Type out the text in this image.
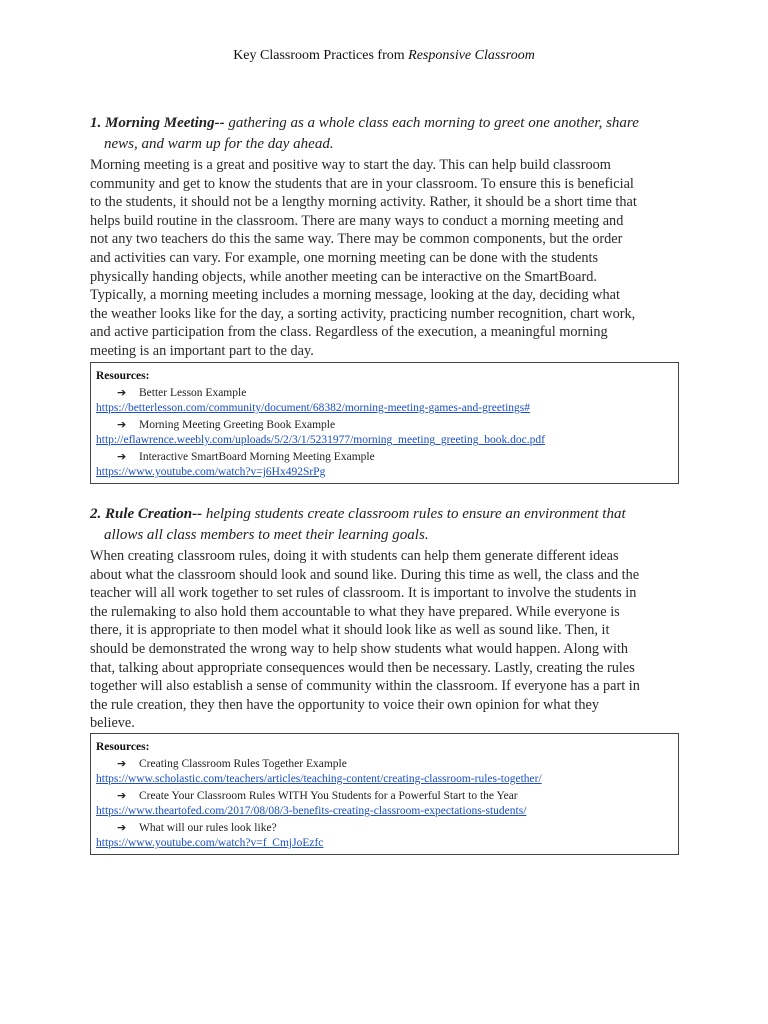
Key Classroom Practices from Responsive Classroom
1. Morning Meeting-- gathering as a whole class each morning to greet one another, share
news, and warm up for the day ahead.
Morning meeting is a great and positive way to start the day. This can help build classroom
community and get to know the students that are in your classroom. To ensure this is beneficial
to the students, it should not be a lengthy morning activity. Rather, it should be a short time that
helps build routine in the classroom. There are many ways to conduct a morning meeting and
not any two teachers do this the same way. There may be common components, but the order
and activities can vary. For example, one morning meeting can be done with the students
physically handing objects, while another meeting can be interactive on the SmartBoard.
Typically, a morning meeting includes a morning message, looking at the day, deciding what
the weather looks like for the day, a sorting activity, practicing number recognition, chart work,
and active participation from the class. Regardless of the execution, a meaningful morning
meeting is an important part to the day.
Resources:
➔ Better Lesson Example
https://betterlesson.com/community/document/68382/morning-meeting-games-and-greetings#
➔ Morning Meeting Greeting Book Example
http://eflawrence.weebly.com/uploads/5/2/3/1/5231977/morning_meeting_greeting_book.doc.pdf
➔ Interactive SmartBoard Morning Meeting Example
https://www.youtube.com/watch?v=j6Hx492SrPg
2. Rule Creation-- helping students create classroom rules to ensure an environment that
allows all class members to meet their learning goals.
When creating classroom rules, doing it with students can help them generate different ideas
about what the classroom should look and sound like. During this time as well, the class and the
teacher will all work together to set rules of classroom. It is important to involve the students in
the rulemaking to also hold them accountable to what they have prepared. While everyone is
there, it is appropriate to then model what it should look like as well as sound like. Then, it
should be demonstrated the wrong way to help show students what would happen. Along with
that, talking about appropriate consequences would then be necessary. Lastly, creating the rules
together will also establish a sense of community within the classroom. If everyone has a part in
the rule creation, they then have the opportunity to voice their own opinion for what they
believe.
Resources:
➔ Creating Classroom Rules Together Example
https://www.scholastic.com/teachers/articles/teaching-content/creating-classroom-rules-together/
➔ Create Your Classroom Rules WITH You Students for a Powerful Start to the Year
https://www.theartofed.com/2017/08/08/3-benefits-creating-classroom-expectations-students/
➔ What will our rules look like?
https://www.youtube.com/watch?v=f_CmjJoEzfc
